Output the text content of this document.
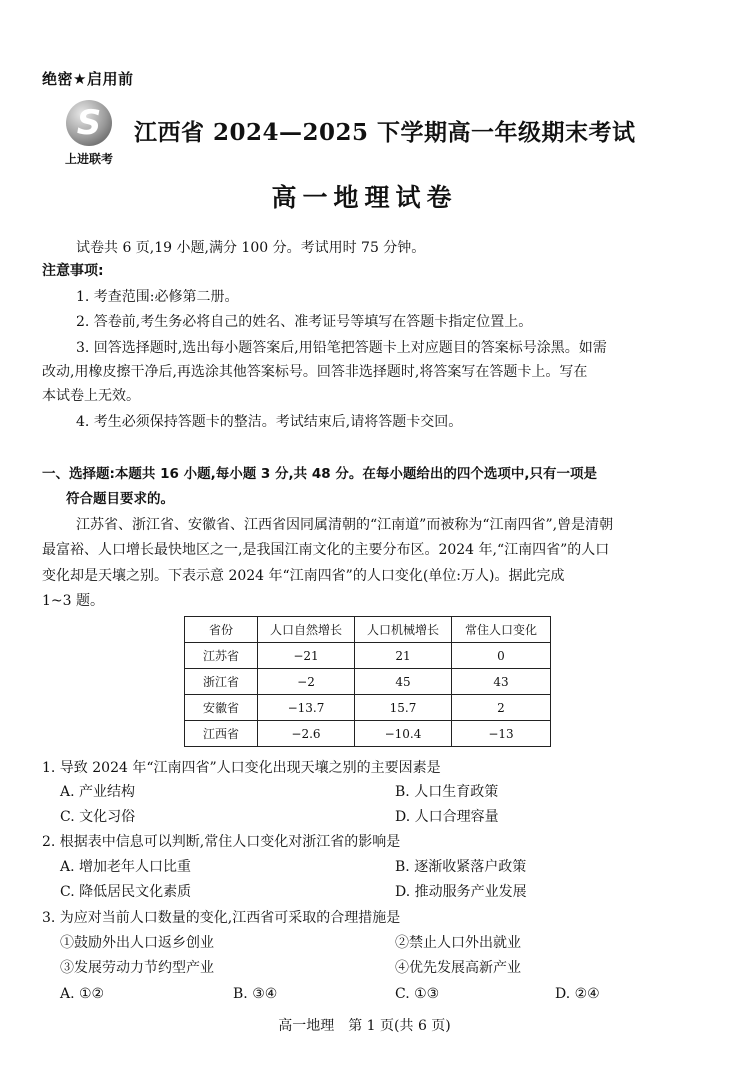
绝密★启用前
S
上进联考
江西省 2024—2025 下学期高一年级期末考试
高一地理试卷
试卷共 6 页,19 小题,满分 100 分。考试用时 75 分钟。
注意事项:
1. 考查范围:必修第二册。
2. 答卷前,考生务必将自己的姓名、准考证号等填写在答题卡指定位置上。
3. 回答选择题时,选出每小题答案后,用铅笔把答题卡上对应题目的答案标号涂黑。如需
改动,用橡皮擦干净后,再选涂其他答案标号。回答非选择题时,将答案写在答题卡上。写在
本试卷上无效。
4. 考生必须保持答题卡的整洁。考试结束后,请将答题卡交回。
一、选择题:本题共 16 小题,每小题 3 分,共 48 分。在每小题给出的四个选项中,只有一项是
符合题目要求的。
江苏省、浙江省、安徽省、江西省因同属清朝的“江南道”而被称为“江南四省”,曾是清朝
最富裕、人口增长最快地区之一,是我国江南文化的主要分布区。2024 年,“江南四省”的人口
变化却是天壤之别。下表示意 2024 年“江南四省”的人口变化(单位:万人)。据此完成
1~3 题。
省份	人口自然增长	人口机械增长	常住人口变化
江苏省	−21	21	0
浙江省	−2	45	43
安徽省	−13.7	15.7	2
江西省	−2.6	−10.4	−13
1. 导致 2024 年“江南四省”人口变化出现天壤之别的主要因素是
A. 产业结构	B. 人口生育政策
C. 文化习俗	D. 人口合理容量
2. 根据表中信息可以判断,常住人口变化对浙江省的影响是
A. 增加老年人口比重	B. 逐渐收紧落户政策
C. 降低居民文化素质	D. 推动服务产业发展
3. 为应对当前人口数量的变化,江西省可采取的合理措施是
①鼓励外出人口返乡创业	②禁止人口外出就业
③发展劳动力节约型产业	④优先发展高新产业
A. ①②	B. ③④	C. ①③	D. ②④
高一地理　第 1 页(共 6 页)
